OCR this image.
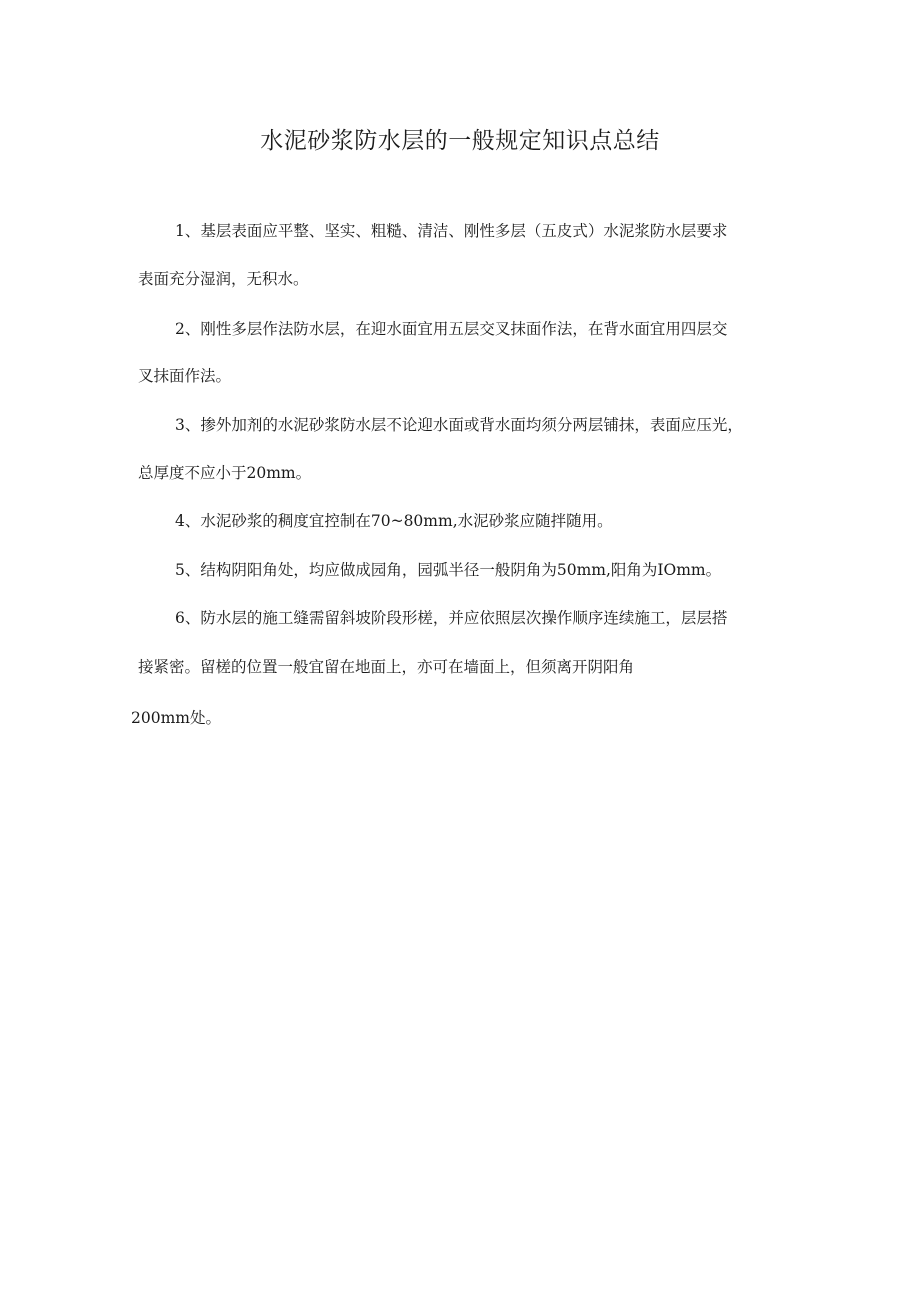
水泥砂浆防水层的一般规定知识点总结

1、基层表面应平整、坚实、粗糙、清洁、刚性多层（五皮式）水泥浆防水层要求

表面充分湿润，无积水。

2、刚性多层作法防水层，在迎水面宜用五层交叉抹面作法，在背水面宜用四层交

叉抹面作法。

3、掺外加剂的水泥砂浆防水层不论迎水面或背水面均须分两层铺抹，表面应压光，

总厚度不应小于20mm。

4、水泥砂浆的稠度宜控制在70~80mm,水泥砂浆应随拌随用。

5、结构阴阳角处，均应做成园角，园弧半径一般阴角为50mm,阳角为IOmm。

6、防水层的施工缝需留斜坡阶段形槎，并应依照层次操作顺序连续施工，层层搭

接紧密。留槎的位置一般宜留在地面上，亦可在墙面上，但须离开阴阳角

200mm处。
